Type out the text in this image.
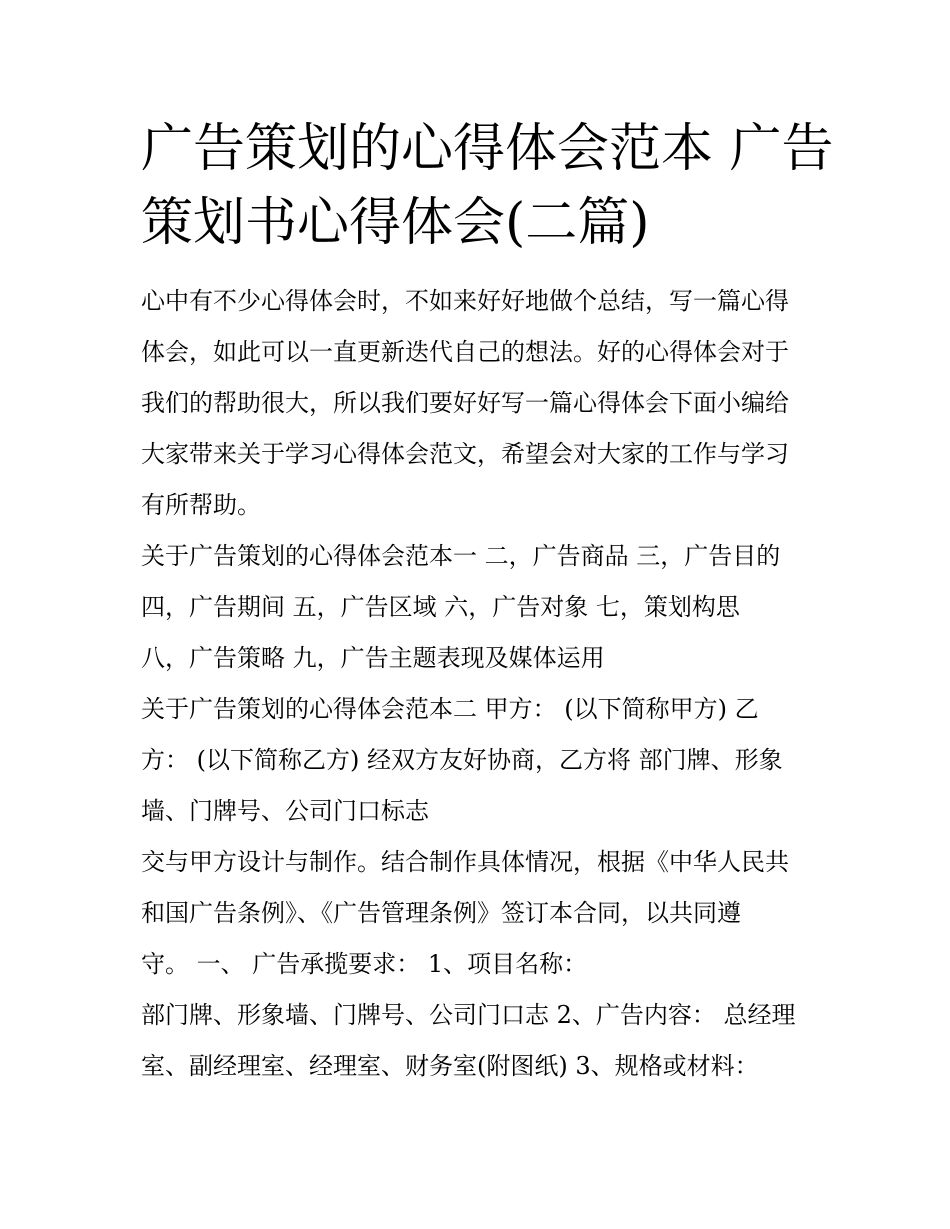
广告策划的心得体会范本 广告
策划书心得体会(二篇)
心中有不少心得体会时，不如来好好地做个总结，写一篇心得
体会，如此可以一直更新迭代自己的想法。好的心得体会对于
我们的帮助很大，所以我们要好好写一篇心得体会下面小编给
大家带来关于学习心得体会范文，希望会对大家的工作与学习
有所帮助。
关于广告策划的心得体会范本一 二，广告商品 三，广告目的
四，广告期间 五，广告区域 六，广告对象 七，策划构思
八，广告策略 九，广告主题表现及媒体运用
关于广告策划的心得体会范本二 甲方： (以下简称甲方) 乙
方： (以下简称乙方) 经双方友好协商，乙方将 部门牌、形象
墙、门牌号、公司门口标志
交与甲方设计与制作。结合制作具体情况，根据《中华人民共
和国广告条例》、《广告管理条例》签订本合同，以共同遵
守。 一、 广告承揽要求： 1、项目名称：
部门牌、形象墙、门牌号、公司门口志 2、广告内容： 总经理
室、副经理室、经理室、财务室(附图纸) 3、规格或材料：
